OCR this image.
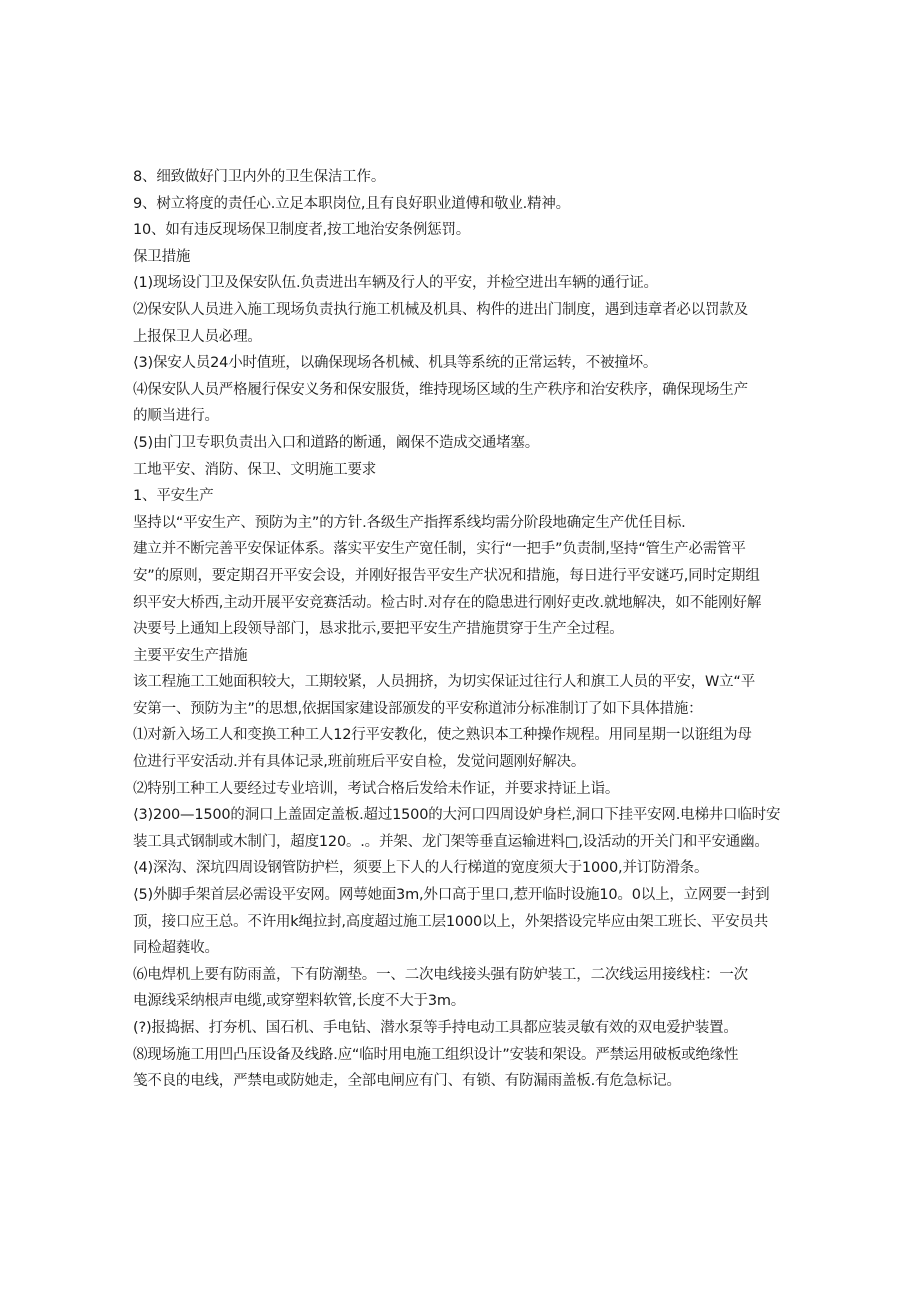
8、细致做好门卫内外的卫生保洁工作。
9、树立将度的责任心.立足本职岗位,且有良好职业道傅和敬业.精神。
10、如有违反现场保卫制度者,按工地治安条例惩罚。
保卫措施
⟨1)现场设门卫及保安队伍.负责进出车辆及行人的平安，并检空进出车辆的通行证。
⑵保安队人员进入施工现场负责执行施工机械及机具、构件的进出门制度，遇到违章者必以罚款及
上报保卫人员必理。
⟨3)保安人员24小时值班，以确保现场各机械、机具等系统的正常运转，不被撞坏。
⑷保安队人员严格履行保安义务和保安服货，维持现场区域的生产秩序和治安秩序，确保现场生产
的顺当进行。
⟨5)由门卫专职负责出入口和道路的断通，阚保不造成交通堵塞。
工地平安、消防、保卫、文明施工要求
1、平安生产
坚持以“平安生产、预防为主”的方针.各级生产指挥系线均需分阶段地确定生产优任目标.
建立并不断完善平安保证体系。落实平安生产宽任制，实行“一把手”负责制,坚持“管生产必需管平
安”的原则，要定期召开平安会设，并刚好报告平安生产状况和措施，每日进行平安谜巧,同时定期组
织平安大桥西,主动开展平安竞赛活动。检古时.对存在的隐患进行刚好吏改.就地解决，如不能刚好解
决要号上通知上段领导部门，恳求批示,要把平安生产措施贯穿于生产全过程。
主要平安生产措施
该工程施工工她面积较大，工期较紧，人员拥挤，为切实保证过往行人和旗工人员的平安，W立“平
安第一、预防为主”的思想,依据国家建设部颁发的平安称道沛分标准制订了如下具体措施：
⑴对新入场工人和变换工种工人12行平安教化，使之熟识本工种操作规程。用同星期一以诳组为母
位进行平安活动.并有具体记录,班前班后平安自检，发觉问题刚好解决。
⑵特别工种工人要经过专业培训，考试合格后发给未作证，并要求持证上诣。
⟨3)200—1500的洞口上盖固定盖板.超过1500的大河口四周设妒身栏,洞口下挂平安网.电梯井口临时安
装工具式钢制或木制门，超度120。.。并架、龙门架等垂直运输进料□,设活动的开关门和平安通幽。
⟨4)深沟、深坑四周设钢管防护栏，须要上下人的人行梯道的宽度须大于1000,并订防滑条。
⟨5)外脚手架首层必需设平安网。网萼她面3m,外口高于里口,惹开临时设施10。0以上，立网要一封到
顶，接口应王总。不许用k绳拉封,高度超过施工层1000以上，外架搭设完毕应由架工班长、平安员共
同检超蕤收。
⑹电焊机上要有防雨盖，下有防潮垫。一、二次电线接头强有防妒装工，二次线运用接线柱：一次
电源线采纳根声电缆,或穿塑料软管,长度不大于3m。
(?)报捣据、打夯机、国石机、手电钻、潜水泵等手持电动工具都应装灵敏有效的双电爱护装置。
⑻现场施工用凹凸压设备及线路.应“临时用电施工组织设计”安装和架设。严禁运用破板或绝缘性
笺不良的电线，严禁电或防她走，全部电闸应有门、有锁、有防漏雨盖板.有危急标记。
